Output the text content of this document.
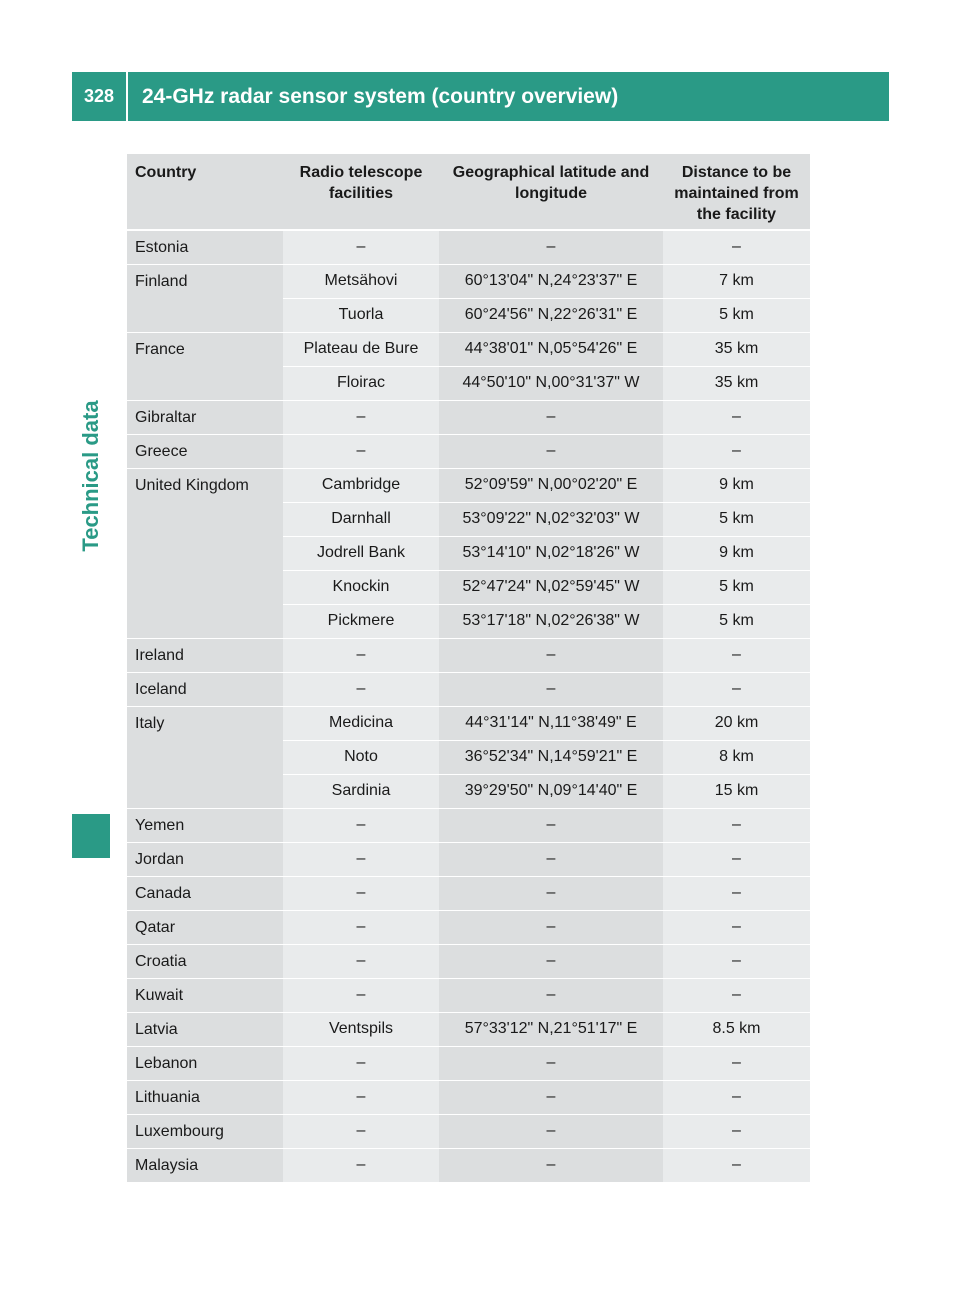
328	24-GHz radar sensor system (country overview)
Technical data
Country	Radio telescope facilities	Geographical latitude and longitude	Distance to be maintained from the facility
Estonia	–	–	–
Finland	Metsähovi	60°13'04" N,24°23'37" E	7 km
	Tuorla	60°24'56" N,22°26'31" E	5 km
France	Plateau de Bure	44°38'01" N,05°54'26" E	35 km
	Floirac	44°50'10" N,00°31'37" W	35 km
Gibraltar	–	–	–
Greece	–	–	–
United Kingdom	Cambridge	52°09'59" N,00°02'20" E	9 km
	Darnhall	53°09'22" N,02°32'03" W	5 km
	Jodrell Bank	53°14'10" N,02°18'26" W	9 km
	Knockin	52°47'24" N,02°59'45" W	5 km
	Pickmere	53°17'18" N,02°26'38" W	5 km
Ireland	–	–	–
Iceland	–	–	–
Italy	Medicina	44°31'14" N,11°38'49" E	20 km
	Noto	36°52'34" N,14°59'21" E	8 km
	Sardinia	39°29'50" N,09°14'40" E	15 km
Yemen	–	–	–
Jordan	–	–	–
Canada	–	–	–
Qatar	–	–	–
Croatia	–	–	–
Kuwait	–	–	–
Latvia	Ventspils	57°33'12" N,21°51'17" E	8.5 km
Lebanon	–	–	–
Lithuania	–	–	–
Luxembourg	–	–	–
Malaysia	–	–	–
